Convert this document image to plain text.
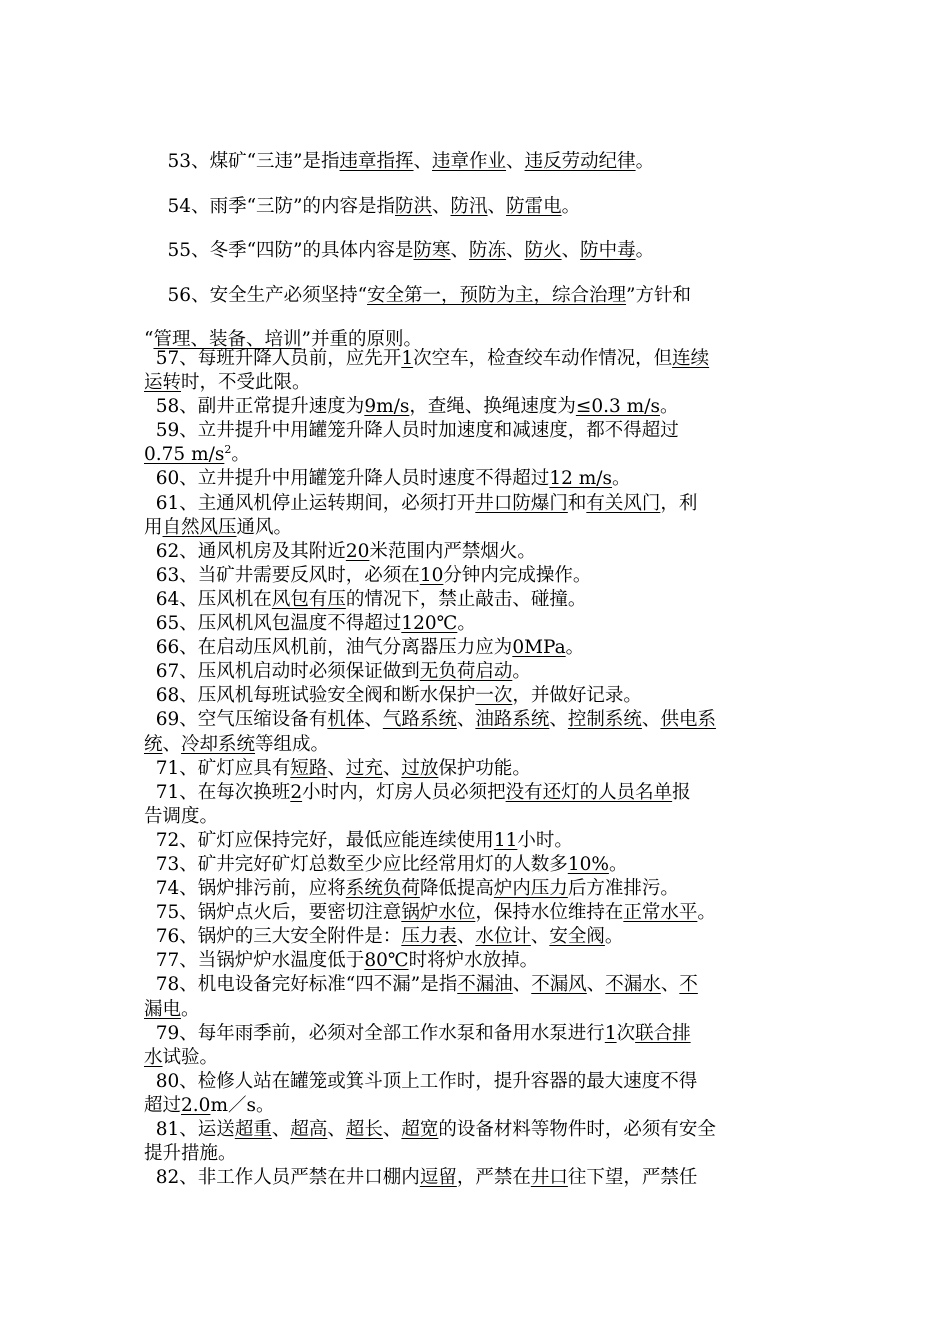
53、煤矿“三违”是指违章指挥、违章作业、违反劳动纪律。
54、雨季“三防”的内容是指防洪、防汛、防雷电。
55、冬季“四防”的具体内容是防寒、防冻、防火、防中毒。
56、安全生产必须坚持“安全第一，预防为主，综合治理”方针和
“管理、装备、培训”并重的原则。
57、每班升降人员前，应先开1次空车，检查绞车动作情况，但连续
运转时，不受此限。
58、副井正常提升速度为9m/s，查绳、换绳速度为≤0.3 m/s。
59、立井提升中用罐笼升降人员时加速度和减速度，都不得超过
0.75 $m/s^2$。
60、立井提升中用罐笼升降人员时速度不得超过12 m/s。
61、主通风机停止运转期间，必须打开井口防爆门和有关风门，利
用自然风压通风。
62、通风机房及其附近20米范围内严禁烟火。
63、当矿井需要反风时，必须在10分钟内完成操作。
64、压风机在风包有压的情况下，禁止敲击、碰撞。
65、压风机风包温度不得超过120℃。
66、在启动压风机前，油气分离器压力应为0MPa。
67、压风机启动时必须保证做到无负荷启动。
68、压风机每班试验安全阀和断水保护一次，并做好记录。
69、空气压缩设备有机体、气路系统、油路系统、控制系统、供电系
统、冷却系统等组成。
71、矿灯应具有短路、过充、过放保护功能。
71、在每次换班2小时内，灯房人员必须把没有还灯的人员名单报
告调度。
72、矿灯应保持完好，最低应能连续使用11小时。
73、矿井完好矿灯总数至少应比经常用灯的人数多10%。
74、锅炉排污前，应将系统负荷降低提高炉内压力后方准排污。
75、锅炉点火后，要密切注意锅炉水位，保持水位维持在正常水平。
76、锅炉的三大安全附件是：压力表、水位计、安全阀。
77、当锅炉炉水温度低于80℃时将炉水放掉。
78、机电设备完好标准“四不漏”是指不漏油、不漏风、不漏水、不
漏电。
79、每年雨季前，必须对全部工作水泵和备用水泵进行1次联合排
水试验。
80、检修人站在罐笼或箕斗顶上工作时，提升容器的最大速度不得
超过2.0m／s。
81、运送超重、超高、超长、超宽的设备材料等物件时，必须有安全
提升措施。
82、非工作人员严禁在井口棚内逗留，严禁在井口往下望，严禁任
